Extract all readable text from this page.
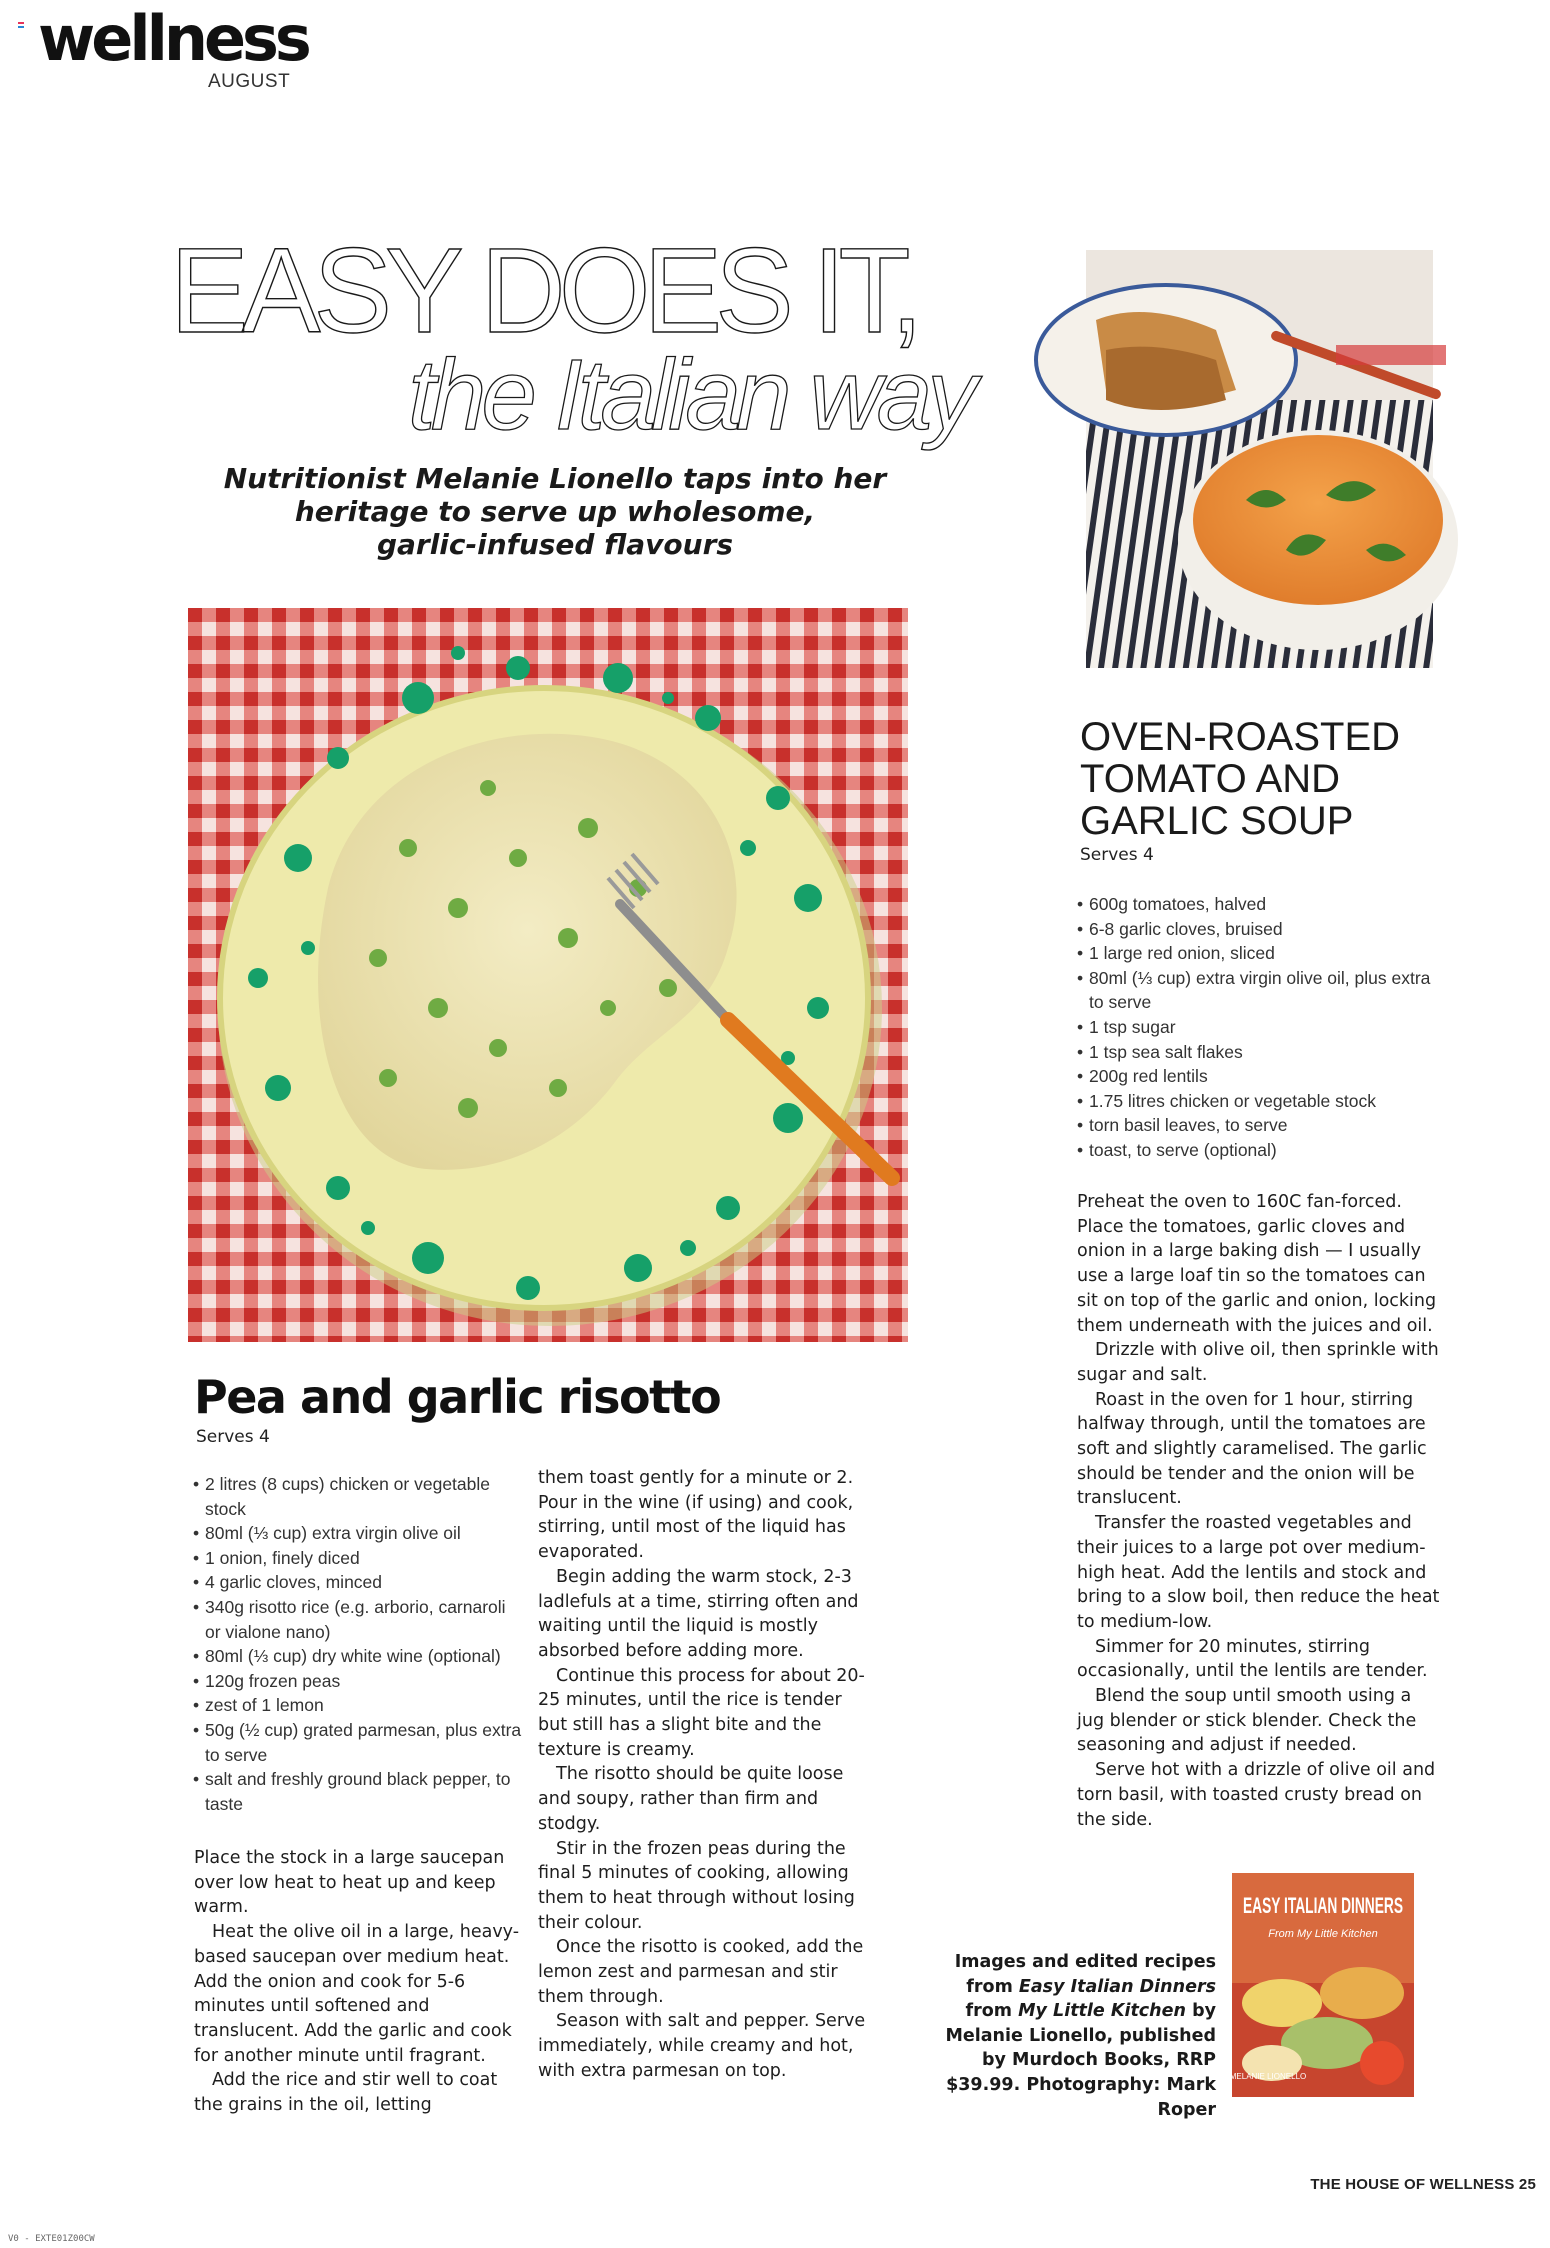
wellness
AUGUST
EASY DOES IT,
the Italian way
Nutritionist Melanie Lionello taps into her
heritage to serve up wholesome,
garlic-infused flavours
Pea and garlic risotto
Serves 4
• 2 litres (8 cups) chicken or vegetable stock
• 80ml (⅓ cup) extra virgin olive oil
• 1 onion, finely diced
• 4 garlic cloves, minced
• 340g risotto rice (e.g. arborio, carnaroli or vialone nano)
• 80ml (⅓ cup) dry white wine (optional)
• 120g frozen peas
• zest of 1 lemon
• 50g (½ cup) grated parmesan, plus extra to serve
• salt and freshly ground black pepper, to taste

Place the stock in a large saucepan over low heat to heat up and keep warm.

Heat the olive oil in a large, heavy-based saucepan over medium heat. Add the onion and cook for 5-6 minutes until softened and translucent. Add the garlic and cook for another minute until fragrant.

Add the rice and stir well to coat the grains in the oil, letting

them toast gently for a minute or 2. Pour in the wine (if using) and cook, stirring, until most of the liquid has evaporated.

Begin adding the warm stock, 2-3 ladlefuls at a time, stirring often and waiting until the liquid is mostly absorbed before adding more.

Continue this process for about 20-25 minutes, until the rice is tender but still has a slight bite and the texture is creamy.

The risotto should be quite loose and soupy, rather than firm and stodgy.

Stir in the frozen peas during the final 5 minutes of cooking, allowing them to heat through without losing their colour.

Once the risotto is cooked, add the lemon zest and parmesan and stir them through.

Season with salt and pepper. Serve immediately, while creamy and hot, with extra parmesan on top.

OVEN-ROASTED TOMATO AND GARLIC SOUP
Serves 4
• 600g tomatoes, halved
• 6-8 garlic cloves, bruised
• 1 large red onion, sliced
• 80ml (⅓ cup) extra virgin olive oil, plus extra to serve
• 1 tsp sugar
• 1 tsp sea salt flakes
• 200g red lentils
• 1.75 litres chicken or vegetable stock
• torn basil leaves, to serve
• toast, to serve (optional)

Preheat the oven to 160C fan-forced. Place the tomatoes, garlic cloves and onion in a large baking dish — I usually use a large loaf tin so the tomatoes can sit on top of the garlic and onion, locking them underneath with the juices and oil.

Drizzle with olive oil, then sprinkle with sugar and salt.

Roast in the oven for 1 hour, stirring halfway through, until the tomatoes are soft and slightly caramelised. The garlic should be tender and the onion will be translucent.

Transfer the roasted vegetables and their juices to a large pot over medium-high heat. Add the lentils and stock and bring to a slow boil, then reduce the heat to medium-low.

Simmer for 20 minutes, stirring occasionally, until the lentils are tender.

Blend the soup until smooth using a jug blender or stick blender. Check the seasoning and adjust if needed.

Serve hot with a drizzle of olive oil and torn basil, with toasted crusty bread on the side.

Images and edited recipes from Easy Italian Dinners from My Little Kitchen by Melanie Lionello, published by Murdoch Books, RRP $39.99. Photography: Mark Roper
EASY ITALIAN DINNERS
From My Little Kitchen
MELANIE LIONELLO
THE HOUSE OF WELLNESS 25
V0 - EXTE01Z00CW
